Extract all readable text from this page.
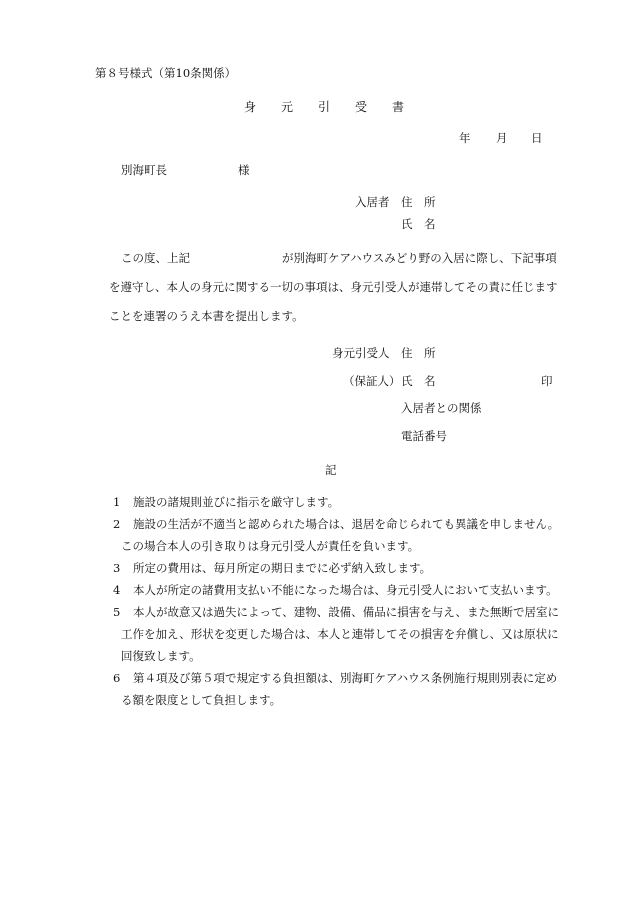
第８号様式（第10条関係）
身 元 引 受 書
年 月 日
別海町長	様
入居者 住　所
氏　名
この度、上記　　　　　　　　が別海町ケアハウスみどり野の入居に際し、下記事項
を遵守し、本人の身元に関する一切の事項は、身元引受人が連帯してその責に任じます
ことを連署のうえ本書を提出します。
身元引受人 住　所
（保証人） 氏　名	印
入居者との関係
電話番号
記
1 施設の諸規則並びに指示を厳守します。
2 施設の生活が不適当と認められた場合は、退居を命じられても異議を申しません。
この場合本人の引き取りは身元引受人が責任を負います。
3 所定の費用は、毎月所定の期日までに必ず納入致します。
4 本人が所定の諸費用支払い不能になった場合は、身元引受人において支払います。
5 本人が故意又は過失によって、建物、設備、備品に損害を与え、また無断で居室に
工作を加え、形状を変更した場合は、本人と連帯してその損害を弁償し、又は原状に
回復致します。
6 第４項及び第５項で規定する負担額は、別海町ケアハウス条例施行規則別表に定め
る額を限度として負担します。
